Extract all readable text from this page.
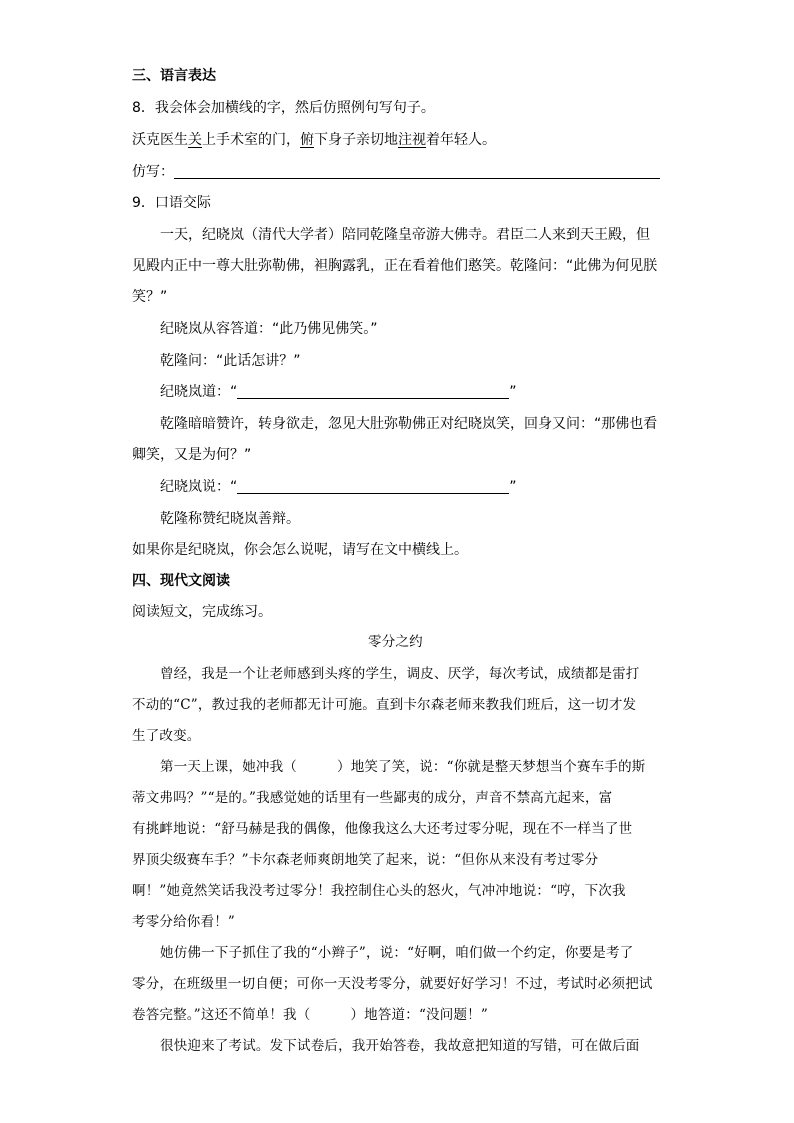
三、语言表达
8．我会体会加横线的字，然后仿照例句写句子。
沃克医生关上手术室的门，俯下身子亲切地注视着年轻人。
仿写：
9．口语交际
一天，纪晓岚（清代大学者）陪同乾隆皇帝游大佛寺。君臣二人来到天王殿，但
见殿内正中一尊大肚弥勒佛，袒胸露乳，正在看着他们憨笑。乾隆问：“此佛为何见朕
笑？”
纪晓岚从容答道：“此乃佛见佛笑。”
乾隆问：“此话怎讲？”
纪晓岚道：“	”
乾隆暗暗赞许，转身欲走，忽见大肚弥勒佛正对纪晓岚笑，回身又问：“那佛也看
卿笑，又是为何？”
纪晓岚说：“	”
乾隆称赞纪晓岚善辩。
如果你是纪晓岚，你会怎么说呢，请写在文中横线上。
四、现代文阅读
阅读短文，完成练习。
零分之约
曾经，我是一个让老师感到头疼的学生，调皮、厌学，每次考试，成绩都是雷打
不动的“C”，教过我的老师都无计可施。直到卡尔森老师来教我们班后，这一切才发
生了改变。
第一天上课，她冲我（	）地笑了笑，说：“你就是整天梦想当个赛车手的斯
蒂文弗吗？”“是的。”我感觉她的话里有一些鄙夷的成分，声音不禁高亢起来，富
有挑衅地说：“舒马赫是我的偶像，他像我这么大还考过零分呢，现在不一样当了世
界顶尖级赛车手？”卡尔森老师爽朗地笑了起来，说：“但你从来没有考过零分
啊！”她竟然笑话我没考过零分！我控制住心头的怒火，气冲冲地说：“哼，下次我
考零分给你看！”
她仿佛一下子抓住了我的“小辫子”，说：“好啊，咱们做一个约定，你要是考了
零分，在班级里一切自便；可你一天没考零分，就要好好学习！不过，考试时必须把试
卷答完整。”这还不简单！我（	）地答道：“没问题！”
很快迎来了考试。发下试卷后，我开始答卷，我故意把知道的写错，可在做后面
